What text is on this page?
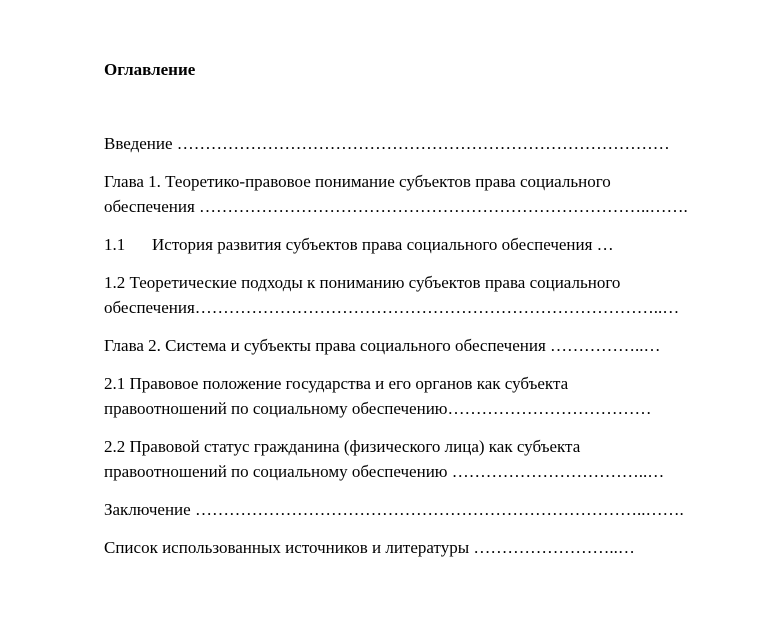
Оглавление
Введение ……………………………………………………………………………
Глава 1. Теоретико-правовое понимание субъектов права социального
обеспечения ……………………………………………………………………..…….
1.1 История развития субъектов права социального обеспечения …
1.2 Теоретические подходы к пониманию субъектов права социального
обеспечения………………………………………………………………………..…
Глава 2. Система и субъекты права социального обеспечения ……………..…
2.1 Правовое положение государства и его органов как субъекта
правоотношений по социальному обеспечению………………………………
2.2 Правовой статус гражданина (физического лица) как субъекта
правоотношений по социальному обеспечению ……………………………..…
Заключение ……………………………………………………………………..…….
Список использованных источников и литературы ……………………..…
